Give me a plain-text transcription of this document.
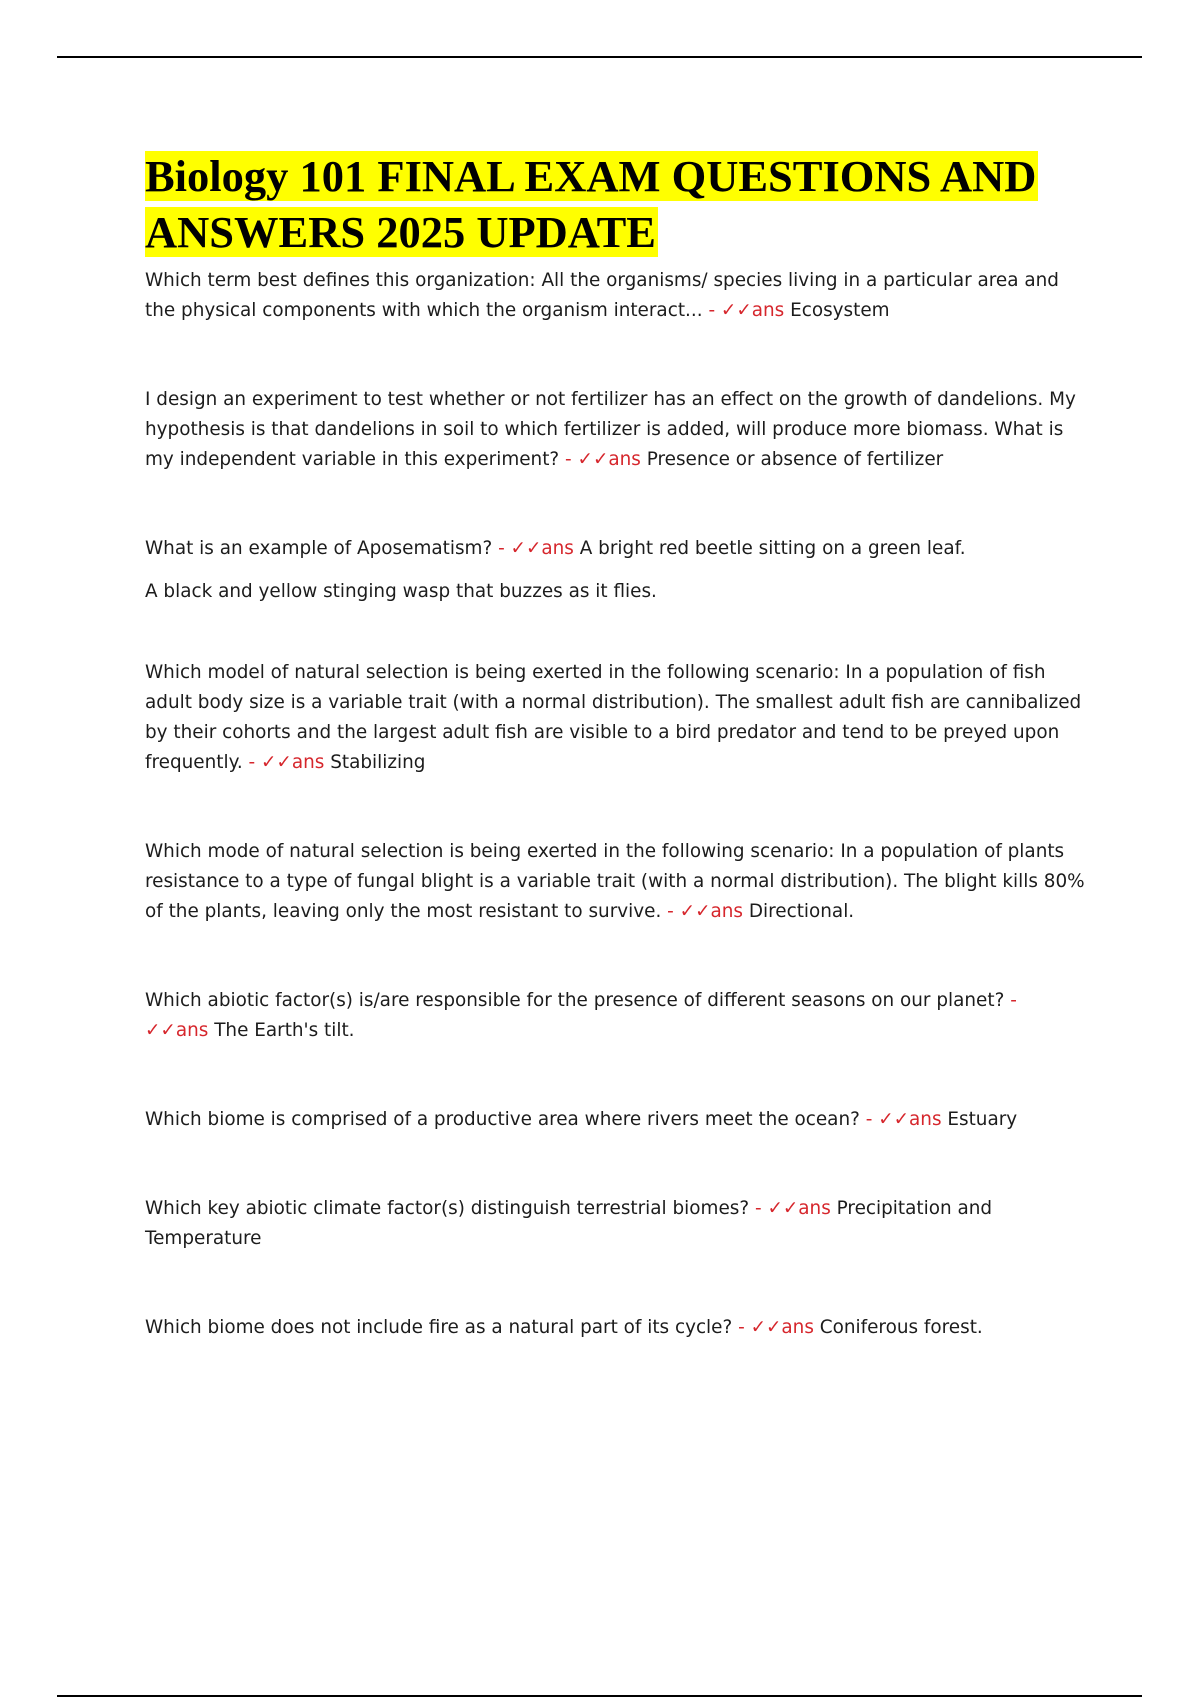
Biology 101 FINAL EXAM QUESTIONS AND ANSWERS 2025 UPDATE

Which term best defines this organization: All the organisms/ species living in a particular area and the physical components with which the organism interact... - ✓✓ans Ecosystem

I design an experiment to test whether or not fertilizer has an effect on the growth of dandelions. My hypothesis is that dandelions in soil to which fertilizer is added, will produce more biomass. What is my independent variable in this experiment? - ✓✓ans Presence or absence of fertilizer

What is an example of Aposematism? - ✓✓ans A bright red beetle sitting on a green leaf.

A black and yellow stinging wasp that buzzes as it flies.

Which model of natural selection is being exerted in the following scenario: In a population of fish adult body size is a variable trait (with a normal distribution). The smallest adult fish are cannibalized by their cohorts and the largest adult fish are visible to a bird predator and tend to be preyed upon frequently. - ✓✓ans Stabilizing

Which mode of natural selection is being exerted in the following scenario: In a population of plants resistance to a type of fungal blight is a variable trait (with a normal distribution). The blight kills 80% of the plants, leaving only the most resistant to survive. - ✓✓ans Directional.

Which abiotic factor(s) is/are responsible for the presence of different seasons on our planet? - ✓✓ans The Earth's tilt.

Which biome is comprised of a productive area where rivers meet the ocean? - ✓✓ans Estuary

Which key abiotic climate factor(s) distinguish terrestrial biomes? - ✓✓ans Precipitation and Temperature

Which biome does not include fire as a natural part of its cycle? - ✓✓ans Coniferous forest.
